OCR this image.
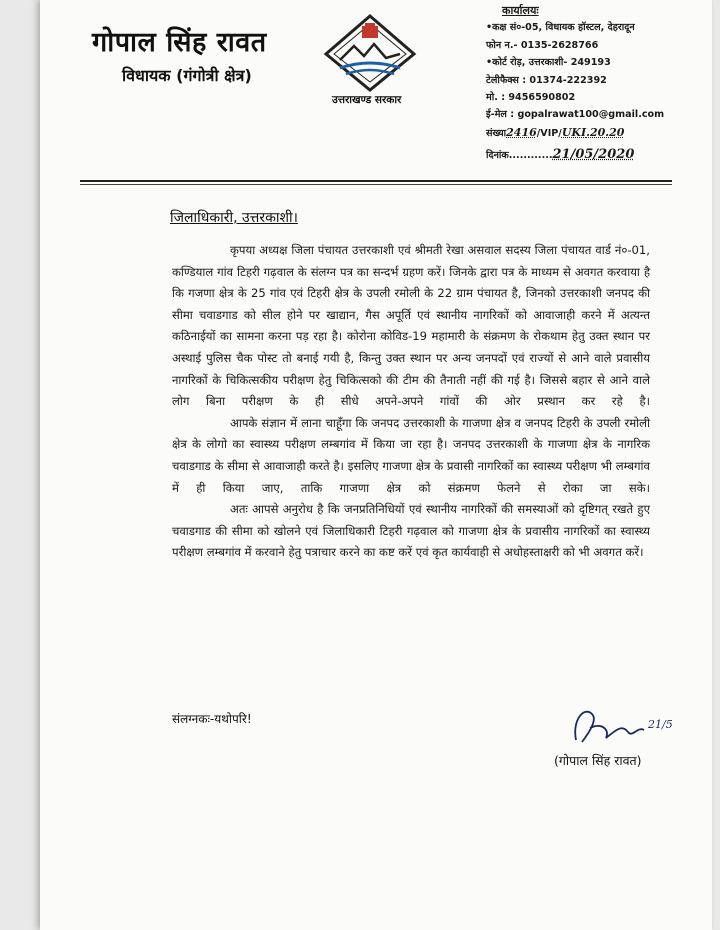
गोपाल सिंह रावत
विधायक (गंगोत्री क्षेत्र)
उत्तराखण्ड सरकार
कार्यालयः
•कक्ष सं०-05, विधायक हॉस्टल, देहरादून
फोन न.- 0135-2628766
•कोर्ट रोड़, उत्तरकाशी- 249193
टेलीफैक्स : 01374-222392
मो. : 9456590802
ई-मेल : gopalrawat100@gmail.com
संख्या2416/VIP/UKI.20.20
दिनांक............21/05/2020
जिलाधिकारी, उत्तरकाशी।

कृपया अध्यक्ष जिला पंचायत उत्तरकाशी एवं श्रीमती रेखा असवाल सदस्य जिला पंचायत वार्ड नं०-01, कण्डियाल गांव टिहरी गढ़वाल के संलग्न पत्र का सन्दर्भ ग्रहण करें। जिनके द्वारा पत्र के माध्यम से अवगत करवाया है कि गजणा क्षेत्र के 25 गांव एवं टिहरी क्षेत्र के उपली रमोली के 22 ग्राम पंचायत है, जिनको उत्तरकाशी जनपद की सीमा चवाडगाड को सील होने पर खाद्यान, गैस अपूर्ति एवं स्थानीय नागरिकों को आवाजाही करने में अत्यन्त कठिनाईयों का सामना करना पड़ रहा है। कोरोना कोविड-19 महामारी के संक्रमण के रोकथाम हेतु उक्त स्थान पर अस्थाई पुलिस चैक पोस्ट तो बनाई गयी है, किन्तु उक्त स्थान पर अन्य जनपदों एवं राज्यों से आने वाले प्रवासीय नागरिकों के चिकित्सकीय परीक्षण हेतु चिकित्सको की टीम की तैनाती नहीं की गई है। जिससे बहार से आने वाले लोग बिना परीक्षण के ही सीधे अपने-अपने गांवों की ओर प्रस्थान कर रहे है।

आपके संज्ञान में लाना चाहूँगा कि जनपद उत्तरकाशी के गाजणा क्षेत्र व जनपद टिहरी के उपली रमोली क्षेत्र के लोगो का स्वास्थ्य परीक्षण लम्बगांव में किया जा रहा है। जनपद उत्तरकाशी के गाजणा क्षेत्र के नागरिक चवाडगाड के सीमा से आवाजाही करते है। इसलिए गाजणा क्षेत्र के प्रवासी नागरिकों का स्वास्थ्य परीक्षण भी लम्बगांव में ही किया जाए, ताकि गाजणा क्षेत्र को संक्रमण फेलने से रोका जा सके।

अतः आपसे अनुरोध है कि जनप्रतिनिधियों एवं स्थानीय नागरिकों की समस्याओं को दृष्टिगत् रखते हुए चवाडगाड की सीमा को खोलने एवं जिलाधिकारी टिहरी गढ़वाल को गाजणा क्षेत्र के प्रवासीय नागरिकों का स्वास्थ्य परीक्षण लम्बगांव में करवाने हेतु पत्राचार करने का कष्ट करें एवं कृत कार्यवाही से अधोहस्ताक्षरी को भी अवगत करें।

संलग्नकः-यथोपरि!	21/5
(गोपाल सिंह रावत)
